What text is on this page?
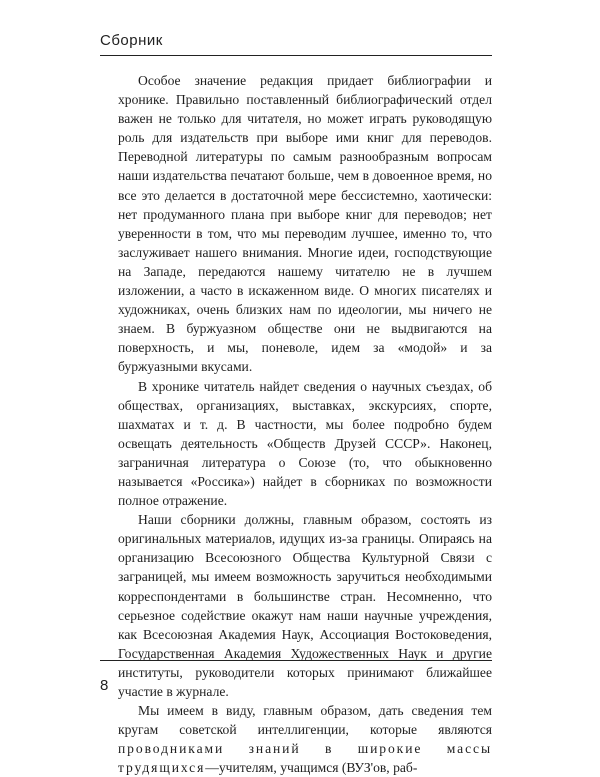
Сборник

Особое значение редакция придает библиографии и хронике. Правильно поставленный библиографический отдел важен не только для читателя, но может играть руководящую роль для издательств при выборе ими книг для переводов. Переводной литературы по самым разнообразным вопросам наши издательства печатают больше, чем в довоенное время, но все это делается в достаточной мере бессистемно, хаотически: нет продуманного плана при выборе книг для переводов; нет уверенности в том, что мы переводим лучшее, именно то, что заслуживает нашего внимания. Многие идеи, господствующие на Западе, передаются нашему читателю не в лучшем изложении, а часто в искаженном виде. О многих писателях и художниках, очень близких нам по идеологии, мы ничего не знаем. В буржуазном обществе они не выдвигаются на поверхность, и мы, поневоле, идем за «модой» и за буржуазными вкусами.

В хронике читатель найдет сведения о научных съездах, об обществах, организациях, выставках, экскурсиях, спорте, шахматах и т. д. В частности, мы более подробно будем освещать деятельность «Обществ Друзей СССР». Наконец, заграничная литература о Союзе (то, что обыкновенно называется «Россика») найдет в сборниках по возможности полное отражение.

Наши сборники должны, главным образом, состоять из оригинальных материалов, идущих из-за границы. Опираясь на организацию Всесоюзного Общества Культурной Связи с заграницей, мы имеем возможность заручиться необходимыми корреспондентами в большинстве стран. Несомненно, что серьезное содействие окажут нам наши научные учреждения, как Всесоюзная Академия Наук, Ассоциация Востоковедения, Государственная Академия Художественных Наук и другие институты, руководители которых принимают ближайшее участие в журнале.

Мы имеем в виду, главным образом, дать сведения тем кругам советской интеллигенции, которые являются проводниками знаний в широкие массы трудящихся—учителям, учащимся (ВУЗ'ов, раб-

8
